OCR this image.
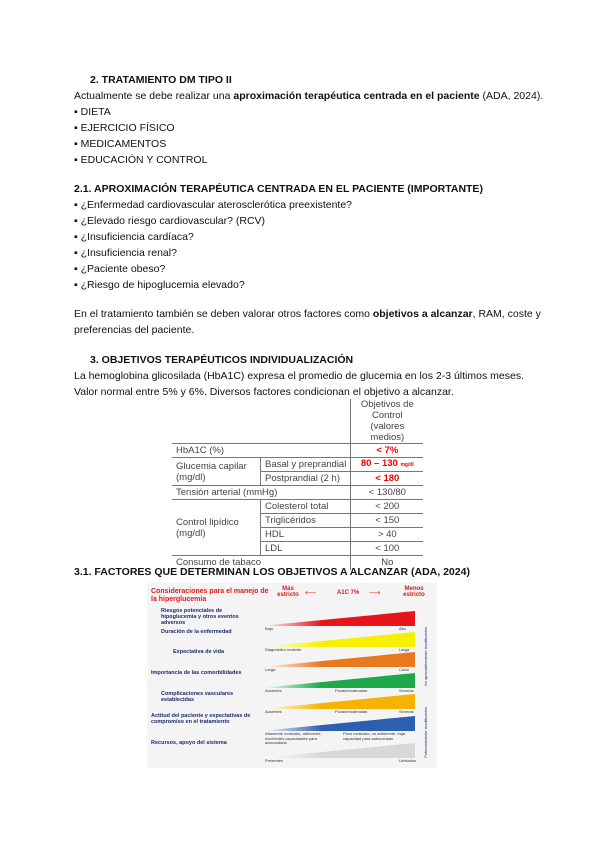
2. TRATAMIENTO DM TIPO II
Actualmente se debe realizar una aproximación terapéutica centrada en el paciente (ADA, 2024).
▪ DIETA
▪ EJERCICIO FÍSICO
▪ MEDICAMENTOS
▪ EDUCACIÓN Y CONTROL
2.1. APROXIMACIÓN TERAPÉUTICA CENTRADA EN EL PACIENTE (IMPORTANTE)
▪ ¿Enfermedad cardiovascular aterosclerótica preexistente?
▪ ¿Elevado riesgo cardiovascular? (RCV)
▪ ¿Insuficiencia cardíaca?
▪ ¿Insuficiencia renal?
▪ ¿Paciente obeso?
▪ ¿Riesgo de hipoglucemia elevado?
En el tratamiento también se deben valorar otros factores como objetivos a alcanzar, RAM, coste y
preferencias del paciente.
3. OBJETIVOS TERAPÉUTICOS INDIVIDUALIZACIÓN
La hemoglobina glicosilada (HbA1C) expresa el promedio de glucemia en los 2-3 últimos meses.
Valor normal entre 5% y 6%. Diversos factores condicionan el objetivo a alcanzar.
		Objetivos de Control (valores medios)
HbA1C (%)		< 7%
Glucemia capilar (mg/dl)	Basal y preprandial	80 – 130 mg/dl
	Postprandial (2 h)	< 180
Tensión arterial (mmHg)		< 130/80
Control lipídico (mg/dl)	Colesterol total	< 200
	Triglicéridos	< 150
	HDL	> 40
	LDL	< 100
Consumo de tabaco		No
3.1. FACTORES QUE DETERMINAN LOS OBJETIVOS A ALCANZAR (ADA, 2024)
Consideraciones para el manejo de la hiperglucemia
Más estricto ⟵	A1C 7% ⟶	Menos estricto
Riesgos potenciales de hipoglucemia y otros eventos adversos
Bajo	Alto
Duración de la enfermedad
Diagnóstico reciente	Larga
Expectativa de vida
Larga	Corta
Importancia de las comorbilidades
Ausentes	Pocas/moderadas	Severas
Complicaciones vasculares establecidas
Ausentes	Pocas/moderadas	Severas
Actitud del paciente y expectativas de compromiso en el tratamiento
Altamente motivado, adherente, excelentes capacidades para autocuidado
Poco motivado, no adherente, baja capacidad para autocuidado
Recursos, apoyo del sistema
Presentes	Limitados
No apreciablemente modificables
Potencialmente modificables
